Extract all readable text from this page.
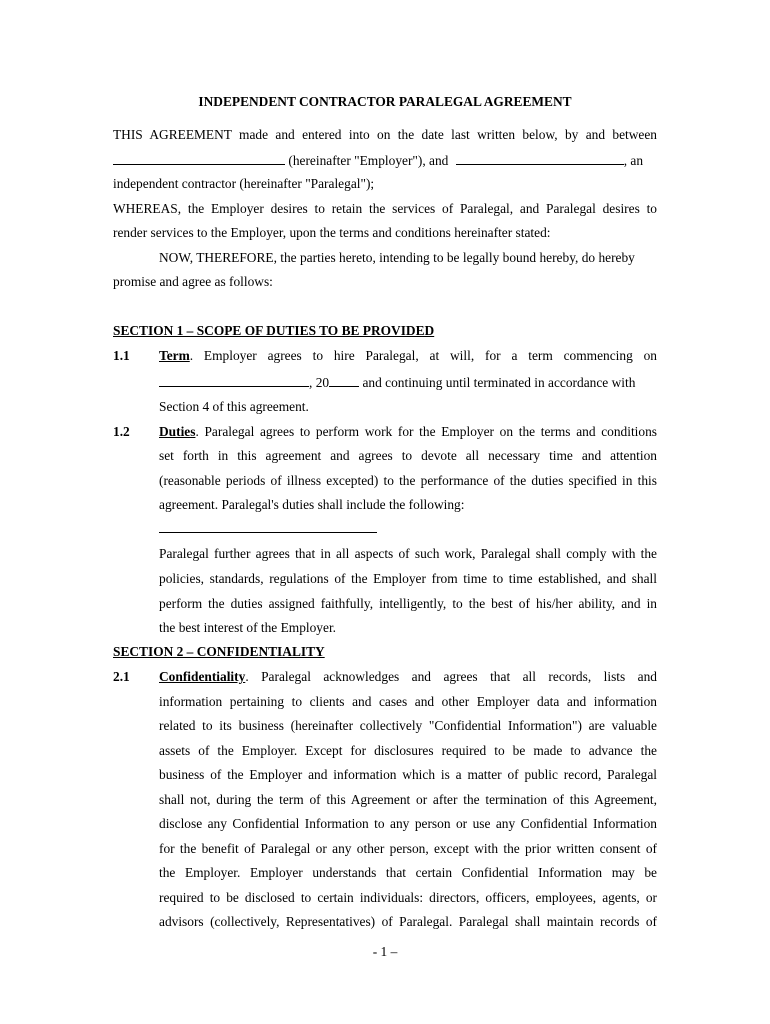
INDEPENDENT CONTRACTOR PARALEGAL AGREEMENT
THIS AGREEMENT made and entered into on the date last written below, by and between
(hereinafter "Employer"), and	, an
independent contractor (hereinafter "Paralegal");
WHEREAS, the Employer desires to retain the services of Paralegal, and Paralegal desires to
render services to the Employer, upon the terms and conditions hereinafter stated:
NOW, THEREFORE, the parties hereto, intending to be legally bound hereby, do hereby
promise and agree as follows:
SECTION 1 – SCOPE OF DUTIES TO BE PROVIDED
1.1 Term. Employer agrees to hire Paralegal, at will, for a term commencing on
, 20 and continuing until terminated in accordance with
Section 4 of this agreement.
1.2 Duties. Paralegal agrees to perform work for the Employer on the terms and conditions
set forth in this agreement and agrees to devote all necessary time and attention
(reasonable periods of illness excepted) to the performance of the duties specified in this
agreement. Paralegal's duties shall include the following:
Paralegal further agrees that in all aspects of such work, Paralegal shall comply with the
policies, standards, regulations of the Employer from time to time established, and shall
perform the duties assigned faithfully, intelligently, to the best of his/her ability, and in
the best interest of the Employer.
SECTION 2 – CONFIDENTIALITY
2.1 Confidentiality. Paralegal acknowledges and agrees that all records, lists and
information pertaining to clients and cases and other Employer data and information
related to its business (hereinafter collectively "Confidential Information") are valuable
assets of the Employer. Except for disclosures required to be made to advance the
business of the Employer and information which is a matter of public record, Paralegal
shall not, during the term of this Agreement or after the termination of this Agreement,
disclose any Confidential Information to any person or use any Confidential Information
for the benefit of Paralegal or any other person, except with the prior written consent of
the Employer. Employer understands that certain Confidential Information may be
required to be disclosed to certain individuals: directors, officers, employees, agents, or
advisors (collectively, Representatives) of Paralegal. Paralegal shall maintain records of
- 1 –
